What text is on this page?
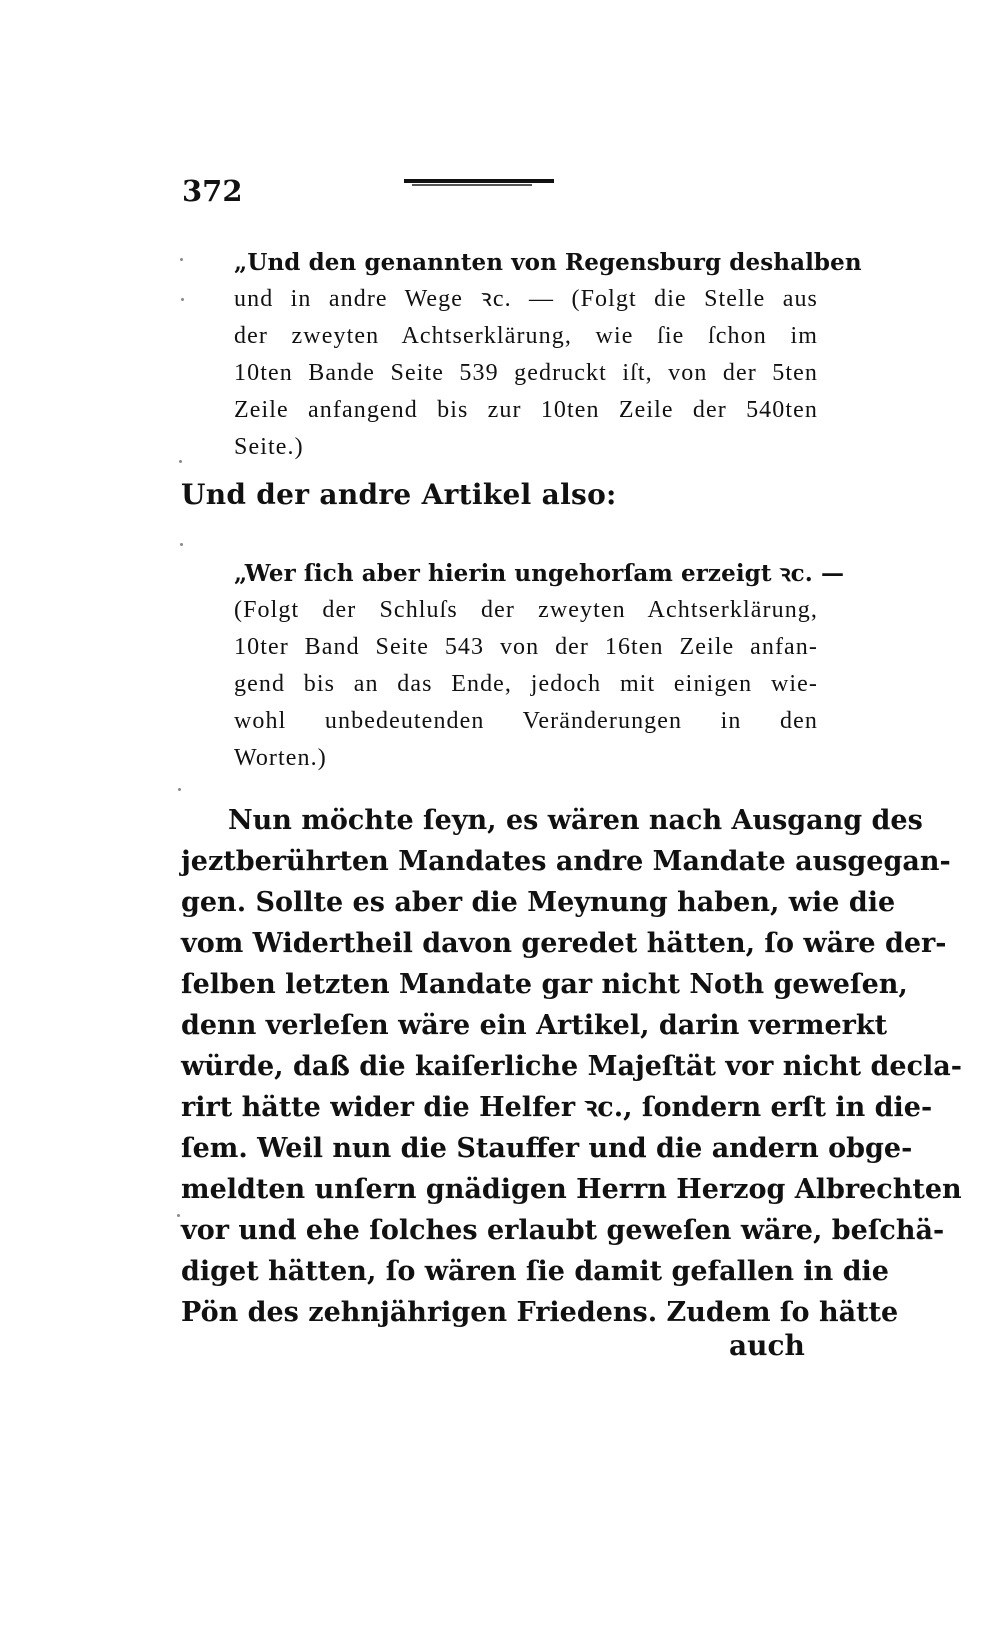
372
„Und den genannten von Regensburg deshalben
und in andre Wege ꝛc. — (Folgt die Stelle aus
der zweyten Achtserklärung, wie ſie ſchon im
10ten Bande Seite 539 gedruckt iſt, von der 5ten
Zeile anfangend bis zur 10ten Zeile der 540ten
Seite.)
Und der andre Artikel also:
„Wer ſich aber hierin ungehorſam erzeigt ꝛc. —
(Folgt der Schluſs der zweyten Achtserklärung,
10ter Band Seite 543 von der 16ten Zeile anfan-
gend bis an das Ende, jedoch mit einigen wie-
wohl unbedeutenden Veränderungen in den
Worten.)
Nun möchte ſeyn, es wären nach Ausgang des
jeztberührten Mandates andre Mandate ausgegan-
gen. Sollte es aber die Meynung haben, wie die
vom Widertheil davon geredet hätten, ſo wäre der-
ſelben letzten Mandate gar nicht Noth geweſen,
denn verleſen wäre ein Artikel, darin vermerkt
würde, daß die kaiſerliche Majeſtät vor nicht decla-
rirt hätte wider die Helfer ꝛc., ſondern erſt in die-
ſem. Weil nun die Stauffer und die andern obge-
meldten unſern gnädigen Herrn Herzog Albrechten
vor und ehe ſolches erlaubt geweſen wäre, beſchä-
diget hätten, ſo wären ſie damit gefallen in die
Pön des zehnjährigen Friedens. Zudem ſo hätte
auch
